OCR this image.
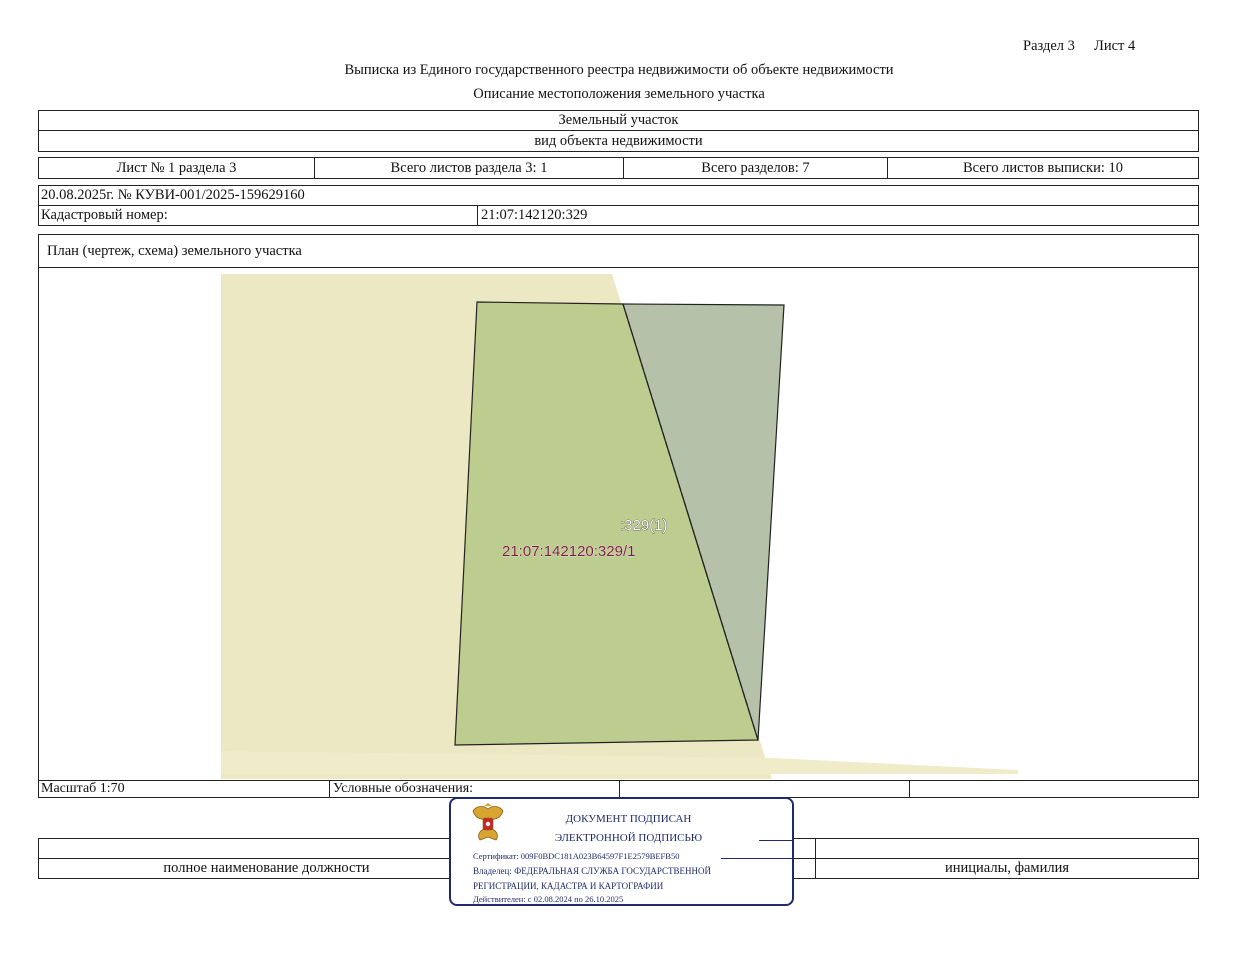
Раздел 3 Лист 4
Выписка из Единого государственного реестра недвижимости об объекте недвижимости
Описание местоположения земельного участка
Земельный участок
вид объекта недвижимости
Лист № 1 раздела 3	Всего листов раздела 3: 1	Всего разделов: 7	Всего листов выписки: 10
20.08.2025г. № КУВИ-001/2025-159629160
Кадастровый номер:	21:07:142120:329
План (чертеж, схема) земельного участка
:329(1)
21:07:142120:329/1
Масштаб 1:70	Условные обозначения:
полное наименование должности	инициалы, фамилия
ДОКУМЕНТ ПОДПИСАН
ЭЛЕКТРОННОЙ ПОДПИСЬЮ
Сертификат: 009F0BDC181A023B64597F1E2579BEFB50
Владелец: ФЕДЕРАЛЬНАЯ СЛУЖБА ГОСУДАРСТВЕННОЙ
РЕГИСТРАЦИИ, КАДАСТРА И КАРТОГРАФИИ
Действителен: с 02.08.2024 по 26.10.2025
